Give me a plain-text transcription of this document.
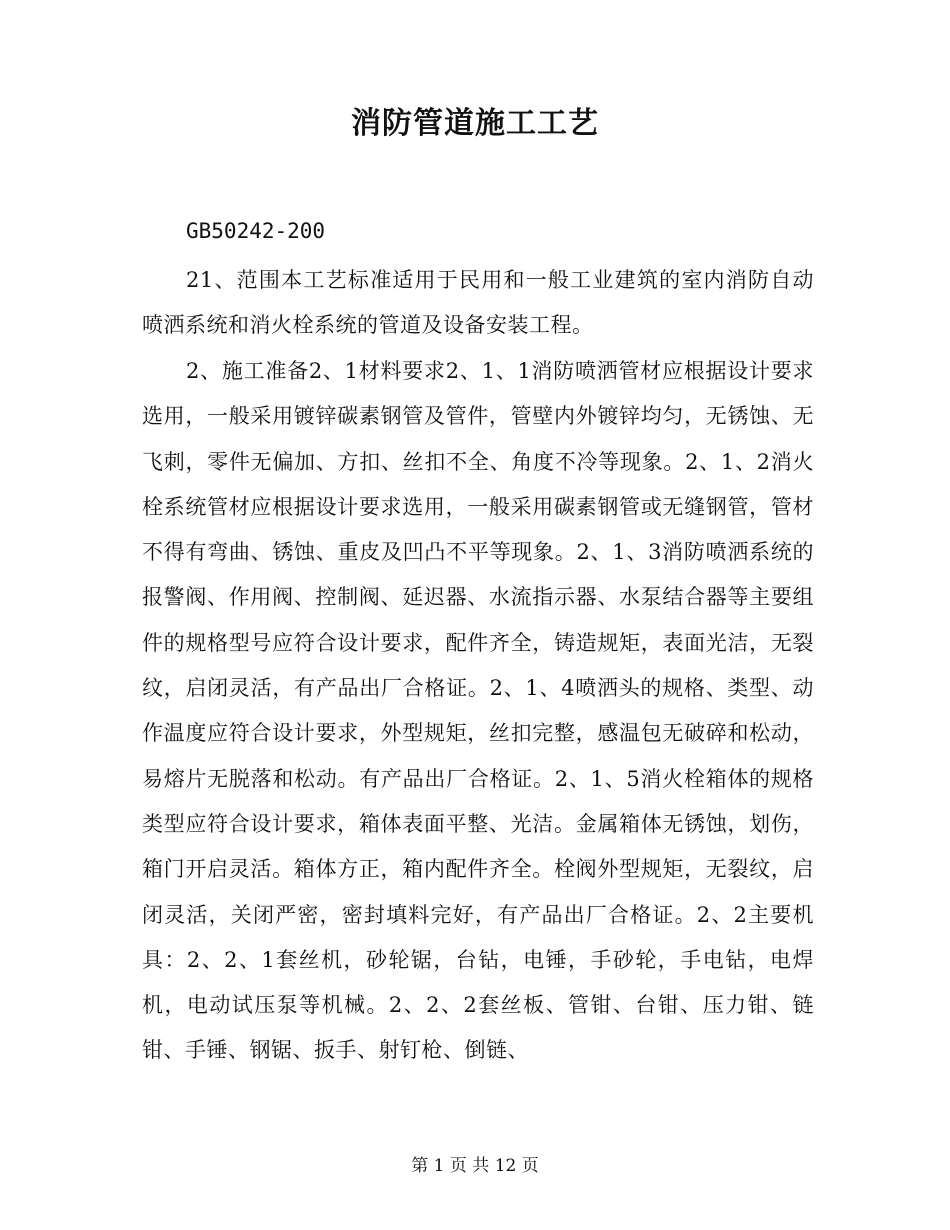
消防管道施工工艺

GB50242-200

21、范围本工艺标准适用于民用和一般工业建筑的室内消防自动喷洒系统和消火栓系统的管道及设备安装工程。

2、施工准备2、1材料要求2、1、1消防喷洒管材应根据设计要求选用，一般采用镀锌碳素钢管及管件，管壁内外镀锌均匀，无锈蚀、无飞刺，零件无偏加、方扣、丝扣不全、角度不冷等现象。2、1、2消火栓系统管材应根据设计要求选用，一般采用碳素钢管或无缝钢管，管材不得有弯曲、锈蚀、重皮及凹凸不平等现象。2、1、3消防喷洒系统的报警阀、作用阀、控制阀、延迟器、水流指示器、水泵结合器等主要组件的规格型号应符合设计要求，配件齐全，铸造规矩，表面光洁，无裂纹，启闭灵活，有产品出厂合格证。2、1、4喷洒头的规格、类型、动作温度应符合设计要求，外型规矩，丝扣完整，感温包无破碎和松动，易熔片无脱落和松动。有产品出厂合格证。2、1、5消火栓箱体的规格类型应符合设计要求，箱体表面平整、光洁。金属箱体无锈蚀，划伤，箱门开启灵活。箱体方正，箱内配件齐全。栓阀外型规矩，无裂纹，启闭灵活，关闭严密，密封填料完好，有产品出厂合格证。2、2主要机具：2、2、1套丝机，砂轮锯，台钻，电锤，手砂轮，手电钻，电焊机，电动试压泵等机械。2、2、2套丝板、管钳、台钳、压力钳、链钳、手锤、钢锯、扳手、射钉枪、倒链、

第 1 页 共 12 页
